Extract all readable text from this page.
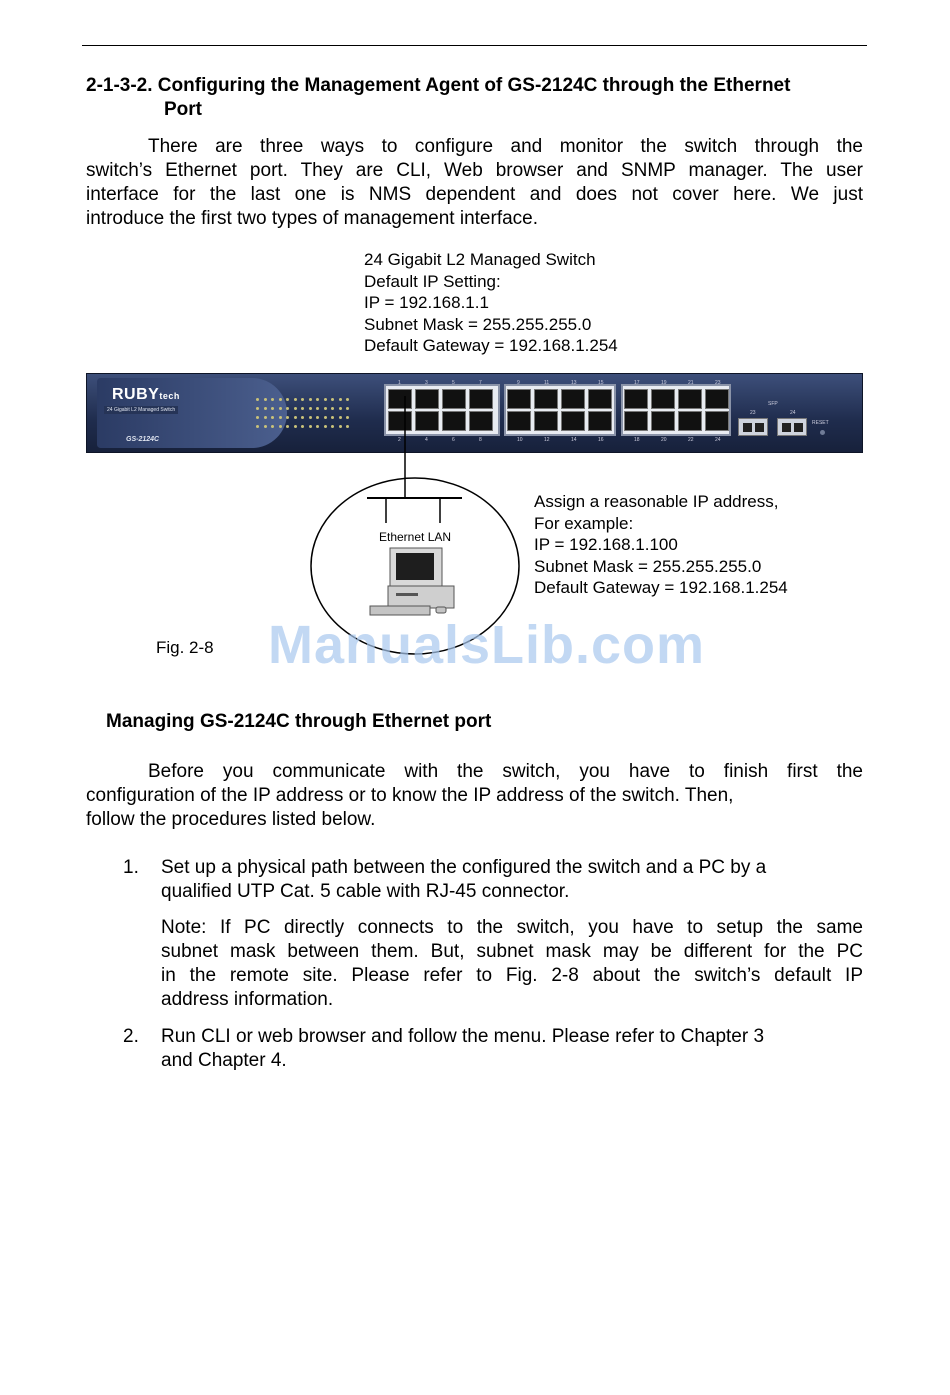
2-1-3-2. Configuring the Management Agent of GS-2124C through the Ethernet
Port
There are three ways to configure and monitor the switch through the
switch’s Ethernet port. They are CLI, Web browser and SNMP manager. The user
interface for the last one is NMS dependent and does not cover here. We just
introduce the first two types of management interface.
24 Gigabit L2 Managed Switch
Default IP Setting:
IP = 192.168.1.1
Subnet Mask = 255.255.255.0
Default Gateway = 192.168.1.254
RUBYtech
24 Gigabit L2 Managed Switch
GS-2124C
1
2
3
4
5
6
7
8
9
10
11
12
13
14
15
16
17
18
19
20
21
22
23
24
SFP
23	24
RESET
Ethernet LAN
Assign a reasonable IP address,
For example:
IP = 192.168.1.100
Subnet Mask = 255.255.255.0
Default Gateway = 192.168.1.254
Fig. 2-8 ManualsLib.com
Managing GS-2124C through Ethernet port
Before you communicate with the switch, you have to finish first the
configuration of the IP address or to know the IP address of the switch. Then,
follow the procedures listed below.
1. Set up a physical path between the configured the switch and a PC by a
qualified UTP Cat. 5 cable with RJ-45 connector.
Note: If PC directly connects to the switch, you have to setup the same
subnet mask between them. But, subnet mask may be different for the PC
in the remote site. Please refer to Fig. 2-8 about the switch’s default IP
address information.
2. Run CLI or web browser and follow the menu. Please refer to Chapter 3
and Chapter 4.
